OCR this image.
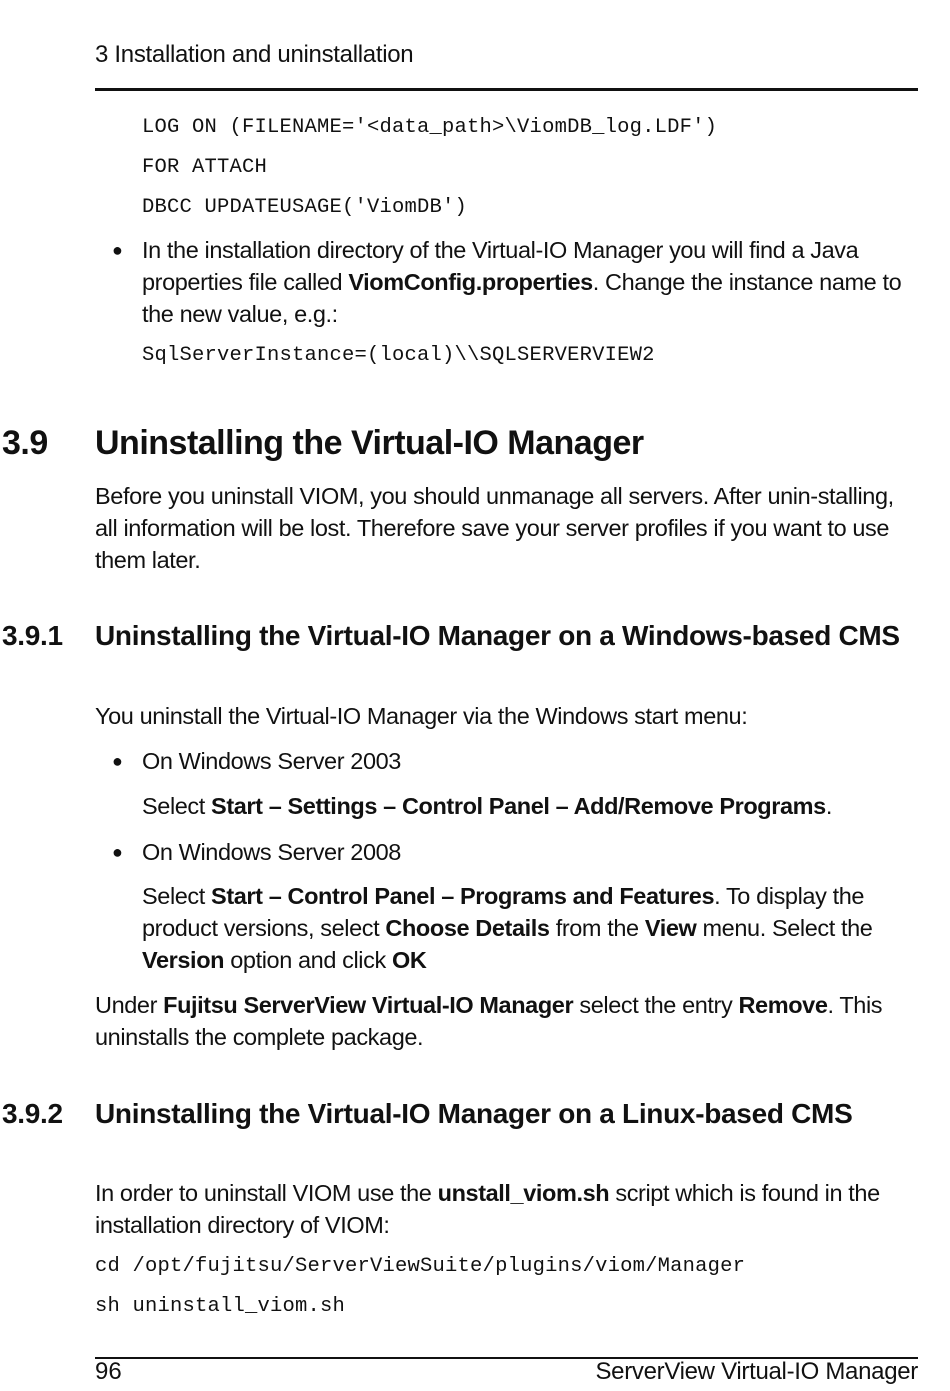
3 Installation and uninstallation
LOG ON (FILENAME='<data_path>\ViomDB_log.LDF')
FOR ATTACH
DBCC UPDATEUSAGE('ViomDB')
● In the installation directory of the Virtual-IO Manager you will find a Java properties file called ViomConfig.properties. Change the instance name to the new value, e.g.:
SqlServerInstance=(local)\\SQLSERVERVIEW2
3.9 Uninstalling the Virtual-IO Manager
Before you uninstall VIOM, you should unmanage all servers. After unin-stalling, all information will be lost. Therefore save your server profiles if you want to use them later.
3.9.1 Uninstalling the Virtual-IO Manager on a Windows-based CMS
You uninstall the Virtual-IO Manager via the Windows start menu:
● On Windows Server 2003
Select Start – Settings – Control Panel – Add/Remove Programs.
● On Windows Server 2008
Select Start – Control Panel – Programs and Features. To display the product versions, select Choose Details from the View menu. Select the Version option and click OK
Under Fujitsu ServerView Virtual-IO Manager select the entry Remove. This uninstalls the complete package.
3.9.2 Uninstalling the Virtual-IO Manager on a Linux-based CMS
In order to uninstall VIOM use the unstall_viom.sh script which is found in the installation directory of VIOM:
cd /opt/fujitsu/ServerViewSuite/plugins/viom/Manager
sh uninstall_viom.sh
96	ServerView Virtual-IO Manager
